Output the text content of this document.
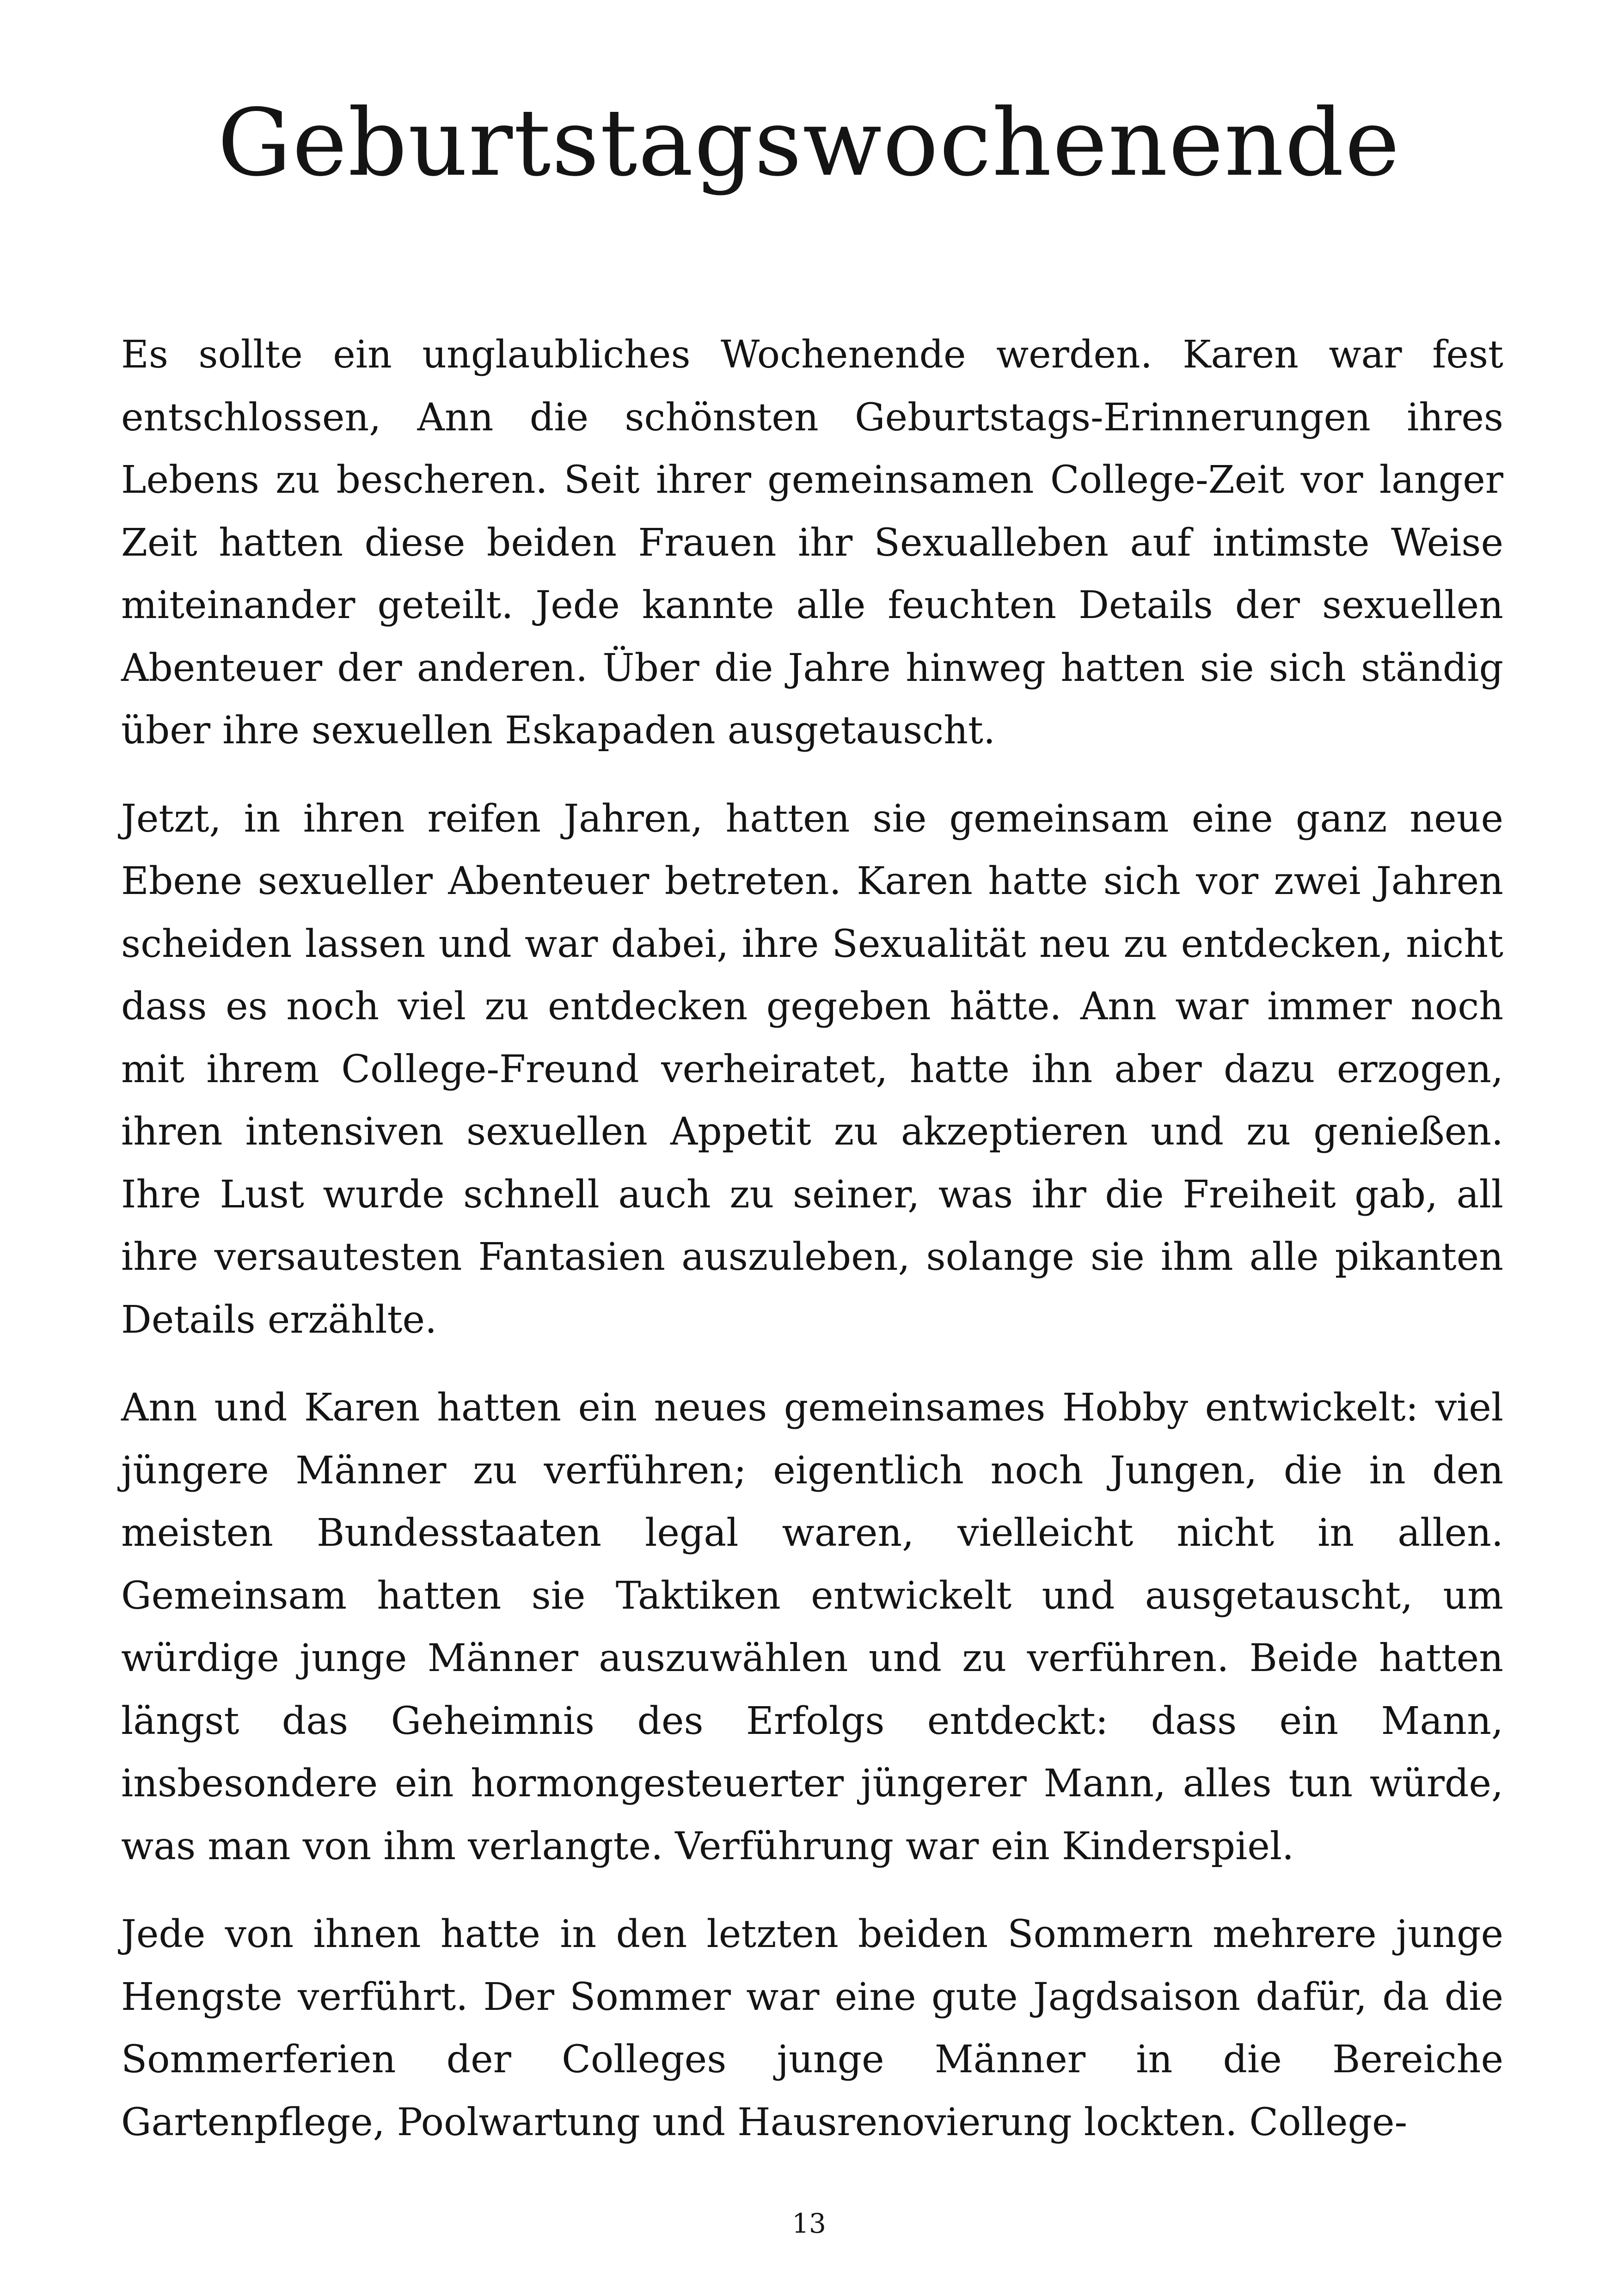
Geburtstagswochenende

Es sollte ein unglaubliches Wochenende werden. Karen war fest entschlossen, Ann die schönsten Geburtstags-Erinnerungen ihres Lebens zu bescheren. Seit ihrer gemeinsamen College-Zeit vor langer Zeit hatten diese beiden Frauen ihr Sexualleben auf intimste Weise miteinander geteilt. Jede kannte alle feuchten Details der sexuellen Abenteuer der anderen. Über die Jahre hinweg hatten sie sich ständig über ihre sexuellen Eskapaden ausgetauscht.

Jetzt, in ihren reifen Jahren, hatten sie gemeinsam eine ganz neue Ebene sexueller Abenteuer betreten. Karen hatte sich vor zwei Jahren scheiden lassen und war dabei, ihre Sexualität neu zu entdecken, nicht dass es noch viel zu entdecken gegeben hätte. Ann war immer noch mit ihrem College-Freund verheiratet, hatte ihn aber dazu erzogen, ihren intensiven sexuellen Appetit zu akzeptieren und zu genießen. Ihre Lust wurde schnell auch zu seiner, was ihr die Freiheit gab, all ihre versautesten Fantasien auszuleben, solange sie ihm alle pikanten Details erzählte.

Ann und Karen hatten ein neues gemeinsames Hobby entwickelt: viel jüngere Männer zu verführen; eigentlich noch Jungen, die in den meisten Bundesstaaten legal waren, vielleicht nicht in allen. Gemeinsam hatten sie Taktiken entwickelt und ausgetauscht, um würdige junge Männer auszuwählen und zu verführen. Beide hatten längst das Geheimnis des Erfolgs entdeckt: dass ein Mann, insbesondere ein hormongesteuerter jüngerer Mann, alles tun würde, was man von ihm verlangte. Verführung war ein Kinderspiel.

Jede von ihnen hatte in den letzten beiden Sommern mehrere junge Hengste verführt. Der Sommer war eine gute Jagdsaison dafür, da die Sommerferien der Colleges junge Männer in die Bereiche Gartenpflege, Poolwartung und Hausrenovierung lockten. College-

13
